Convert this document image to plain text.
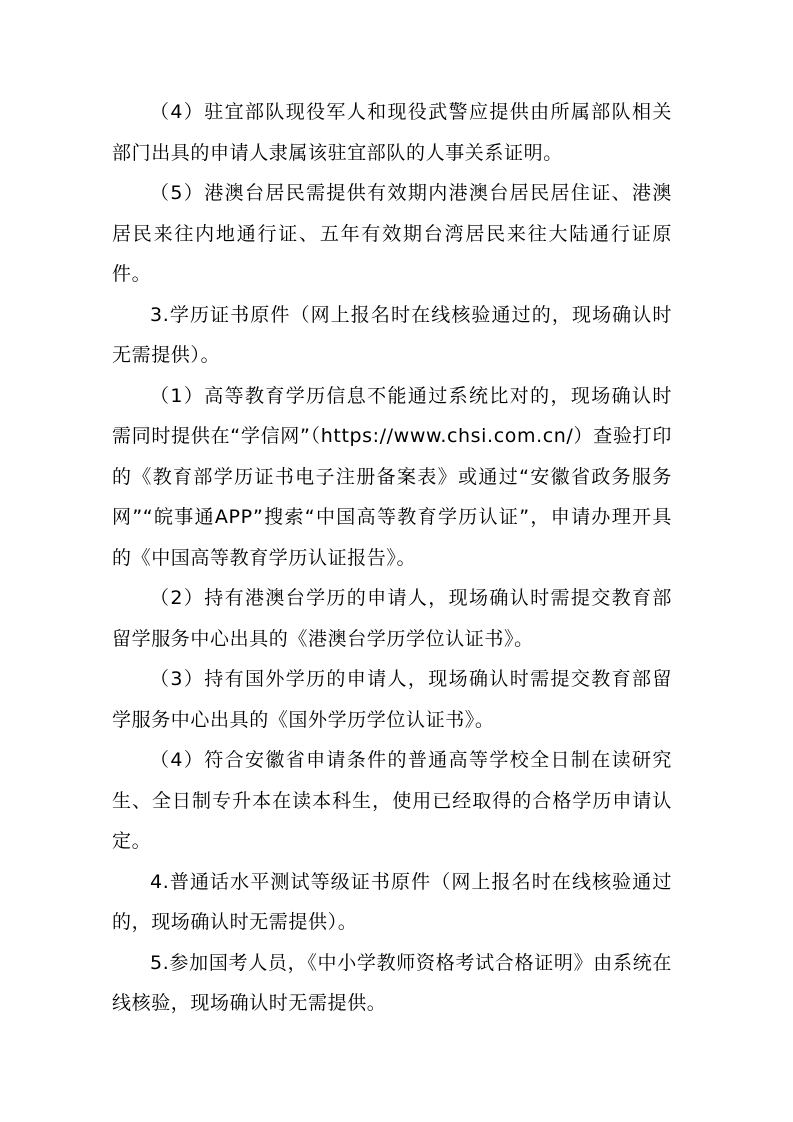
（4）驻宜部队现役军人和现役武警应提供由所属部队相关部门出具的申请人隶属该驻宜部队的人事关系证明。

（5）港澳台居民需提供有效期内港澳台居民居住证、港澳居民来往内地通行证、五年有效期台湾居民来往大陆通行证原件。

3.学历证书原件（网上报名时在线核验通过的，现场确认时无需提供）。

（1）高等教育学历信息不能通过系统比对的，现场确认时需同时提供在“学信网”（https://www.chsi.com.cn/）查验打印的《教育部学历证书电子注册备案表》或通过“安徽省政务服务网”“皖事通APP”搜索“中国高等教育学历认证”，申请办理开具的《中国高等教育学历认证报告》。

（2）持有港澳台学历的申请人，现场确认时需提交教育部留学服务中心出具的《港澳台学历学位认证书》。

（3）持有国外学历的申请人，现场确认时需提交教育部留学服务中心出具的《国外学历学位认证书》。

（4）符合安徽省申请条件的普通高等学校全日制在读研究生、全日制专升本在读本科生，使用已经取得的合格学历申请认定。

4.普通话水平测试等级证书原件（网上报名时在线核验通过的，现场确认时无需提供）。

5.参加国考人员，《中小学教师资格考试合格证明》由系统在线核验，现场确认时无需提供。
